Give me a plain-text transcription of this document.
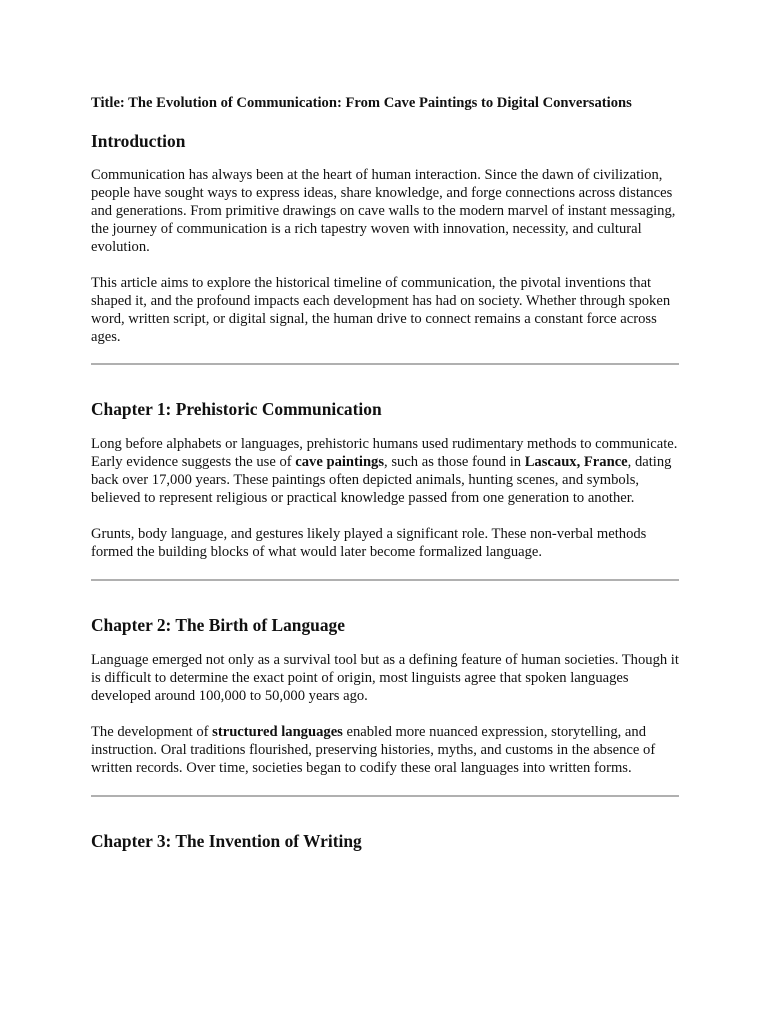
Title: The Evolution of Communication: From Cave Paintings to Digital Conversations

Introduction

Communication has always been at the heart of human interaction. Since the dawn of civilization, people have sought ways to express ideas, share knowledge, and forge connections across distances and generations. From primitive drawings on cave walls to the modern marvel of instant messaging, the journey of communication is a rich tapestry woven with innovation, necessity, and cultural evolution.

This article aims to explore the historical timeline of communication, the pivotal inventions that shaped it, and the profound impacts each development has had on society. Whether through spoken word, written script, or digital signal, the human drive to connect remains a constant force across ages.

Chapter 1: Prehistoric Communication

Long before alphabets or languages, prehistoric humans used rudimentary methods to communicate. Early evidence suggests the use of cave paintings, such as those found in Lascaux, France, dating back over 17,000 years. These paintings often depicted animals, hunting scenes, and symbols, believed to represent religious or practical knowledge passed from one generation to another.

Grunts, body language, and gestures likely played a significant role. These non-verbal methods formed the building blocks of what would later become formalized language.

Chapter 2: The Birth of Language

Language emerged not only as a survival tool but as a defining feature of human societies. Though it is difficult to determine the exact point of origin, most linguists agree that spoken languages developed around 100,000 to 50,000 years ago.

The development of structured languages enabled more nuanced expression, storytelling, and instruction. Oral traditions flourished, preserving histories, myths, and customs in the absence of written records. Over time, societies began to codify these oral languages into written forms.

Chapter 3: The Invention of Writing
